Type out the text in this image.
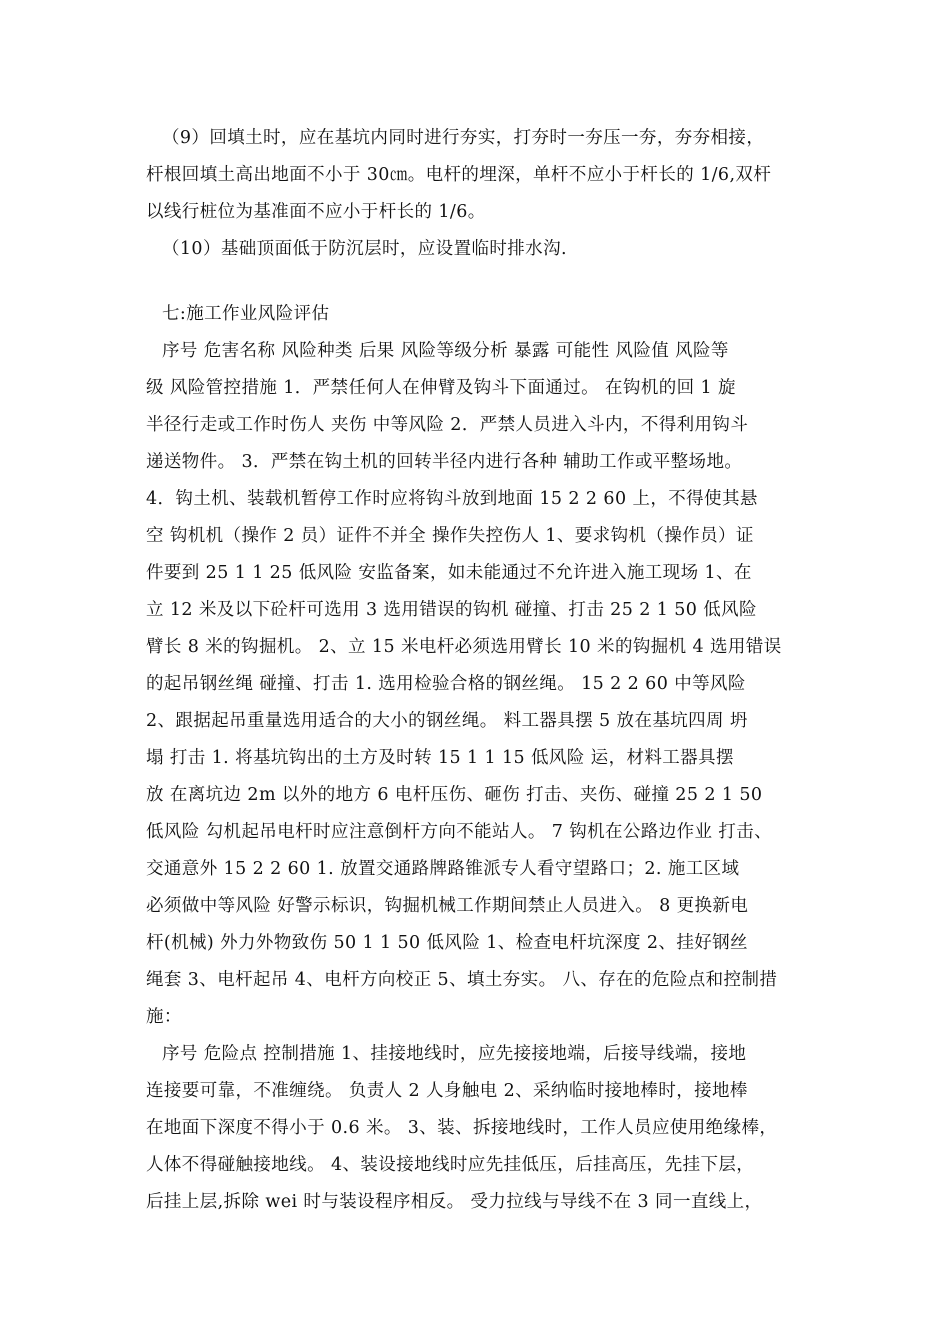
（9）回填土时，应在基坑内同时进行夯实，打夯时一夯压一夯，夯夯相接，
杆根回填土高出地面不小于 30㎝。电杆的埋深，单杆不应小于杆长的 1/6,双杆
以线行桩位为基准面不应小于杆长的 1/6。
（10）基础顶面低于防沉层时，应设置临时排水沟.
七:施工作业风险评估
序号 危害名称 风险种类 后果 风险等级分析 暴露 可能性 风险值 风险等
级 风险管控措施 1．严禁任何人在伸臂及钩斗下面通过。 在钩机的回 1 旋
半径行走或工作时伤人 夹伤 中等风险 2．严禁人员进入斗内，不得利用钩斗
递送物件。 3．严禁在钩土机的回转半径内进行各种 辅助工作或平整场地。
4．钩土机、装载机暂停工作时应将钩斗放到地面 15 2 2 60 上，不得使其悬
空 钩机机（操作 2 员）证件不并全 操作失控伤人 1、要求钩机（操作员）证
件要到 25 1 1 25 低风险 安监备案，如未能通过不允许进入施工现场 1、在
立 12 米及以下砼杆可选用 3 选用错误的钩机 碰撞、打击 25 2 1 50 低风险
臂长 8 米的钩掘机。 2、立 15 米电杆必须选用臂长 10 米的钩掘机 4 选用错误
的起吊钢丝绳 碰撞、打击 1. 选用检验合格的钢丝绳。 15 2 2 60 中等风险
2、跟据起吊重量选用适合的大小的钢丝绳。 料工器具摆 5 放在基坑四周 坍
塌 打击 1. 将基坑钩出的土方及时转 15 1 1 15 低风险 运，材料工器具摆
放 在离坑边 2m 以外的地方 6 电杆压伤、砸伤 打击、夹伤、碰撞 25 2 1 50
低风险 勾机起吊电杆时应注意倒杆方向不能站人。 7 钩机在公路边作业 打击、
交通意外 15 2 2 60 1. 放置交通路牌路锥派专人看守望路口；2. 施工区域
必须做中等风险 好警示标识，钩掘机械工作期间禁止人员进入。 8 更换新电
杆(机械) 外力外物致伤 50 1 1 50 低风险 1、检查电杆坑深度 2、挂好钢丝
绳套 3、电杆起吊 4、电杆方向校正 5、填土夯实。 八、存在的危险点和控制措
施：
序号 危险点 控制措施 1、挂接地线时，应先接接地端，后接导线端，接地
连接要可靠，不准缠绕。 负责人 2 人身触电 2、采纳临时接地棒时，接地棒
在地面下深度不得小于 0.6 米。 3、装、拆接地线时，工作人员应使用绝缘棒，
人体不得碰触接地线。 4、装设接地线时应先挂低压，后挂高压，先挂下层，
后挂上层,拆除 wei 时与装设程序相反。 受力拉线与导线不在 3 同一直线上，
